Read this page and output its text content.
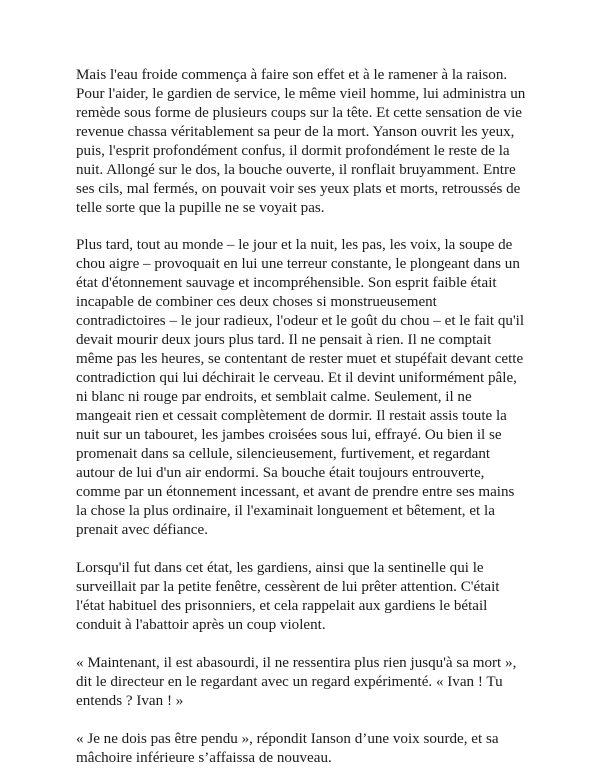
Mais l'eau froide commença à faire son effet et à le ramener à la raison. Pour l'aider, le gardien de service, le même vieil homme, lui administra un remède sous forme de plusieurs coups sur la tête. Et cette sensation de vie revenue chassa véritablement sa peur de la mort. Yanson ouvrit les yeux, puis, l'esprit profondément confus, il dormit profondément le reste de la nuit. Allongé sur le dos, la bouche ouverte, il ronflait bruyamment. Entre ses cils, mal fermés, on pouvait voir ses yeux plats et morts, retroussés de telle sorte que la pupille ne se voyait pas.

Plus tard, tout au monde – le jour et la nuit, les pas, les voix, la soupe de chou aigre – provoquait en lui une terreur constante, le plongeant dans un état d'étonnement sauvage et incompréhensible. Son esprit faible était incapable de combiner ces deux choses si monstrueusement contradictoires – le jour radieux, l'odeur et le goût du chou – et le fait qu'il devait mourir deux jours plus tard. Il ne pensait à rien. Il ne comptait même pas les heures, se contentant de rester muet et stupéfait devant cette contradiction qui lui déchirait le cerveau. Et il devint uniformément pâle, ni blanc ni rouge par endroits, et semblait calme. Seulement, il ne mangeait rien et cessait complètement de dormir. Il restait assis toute la nuit sur un tabouret, les jambes croisées sous lui, effrayé. Ou bien il se promenait dans sa cellule, silencieusement, furtivement, et regardant autour de lui d'un air endormi. Sa bouche était toujours entrouverte, comme par un étonnement incessant, et avant de prendre entre ses mains la chose la plus ordinaire, il l'examinait longuement et bêtement, et la prenait avec défiance.

Lorsqu'il fut dans cet état, les gardiens, ainsi que la sentinelle qui le surveillait par la petite fenêtre, cessèrent de lui prêter attention. C'était l'état habituel des prisonniers, et cela rappelait aux gardiens le bétail conduit à l'abattoir après un coup violent.

« Maintenant, il est abasourdi, il ne ressentira plus rien jusqu'à sa mort », dit le directeur en le regardant avec un regard expérimenté. « Ivan ! Tu entends ? Ivan ! »

« Je ne dois pas être pendu », répondit Ianson d’une voix sourde, et sa mâchoire inférieure s’affaissa de nouveau.
